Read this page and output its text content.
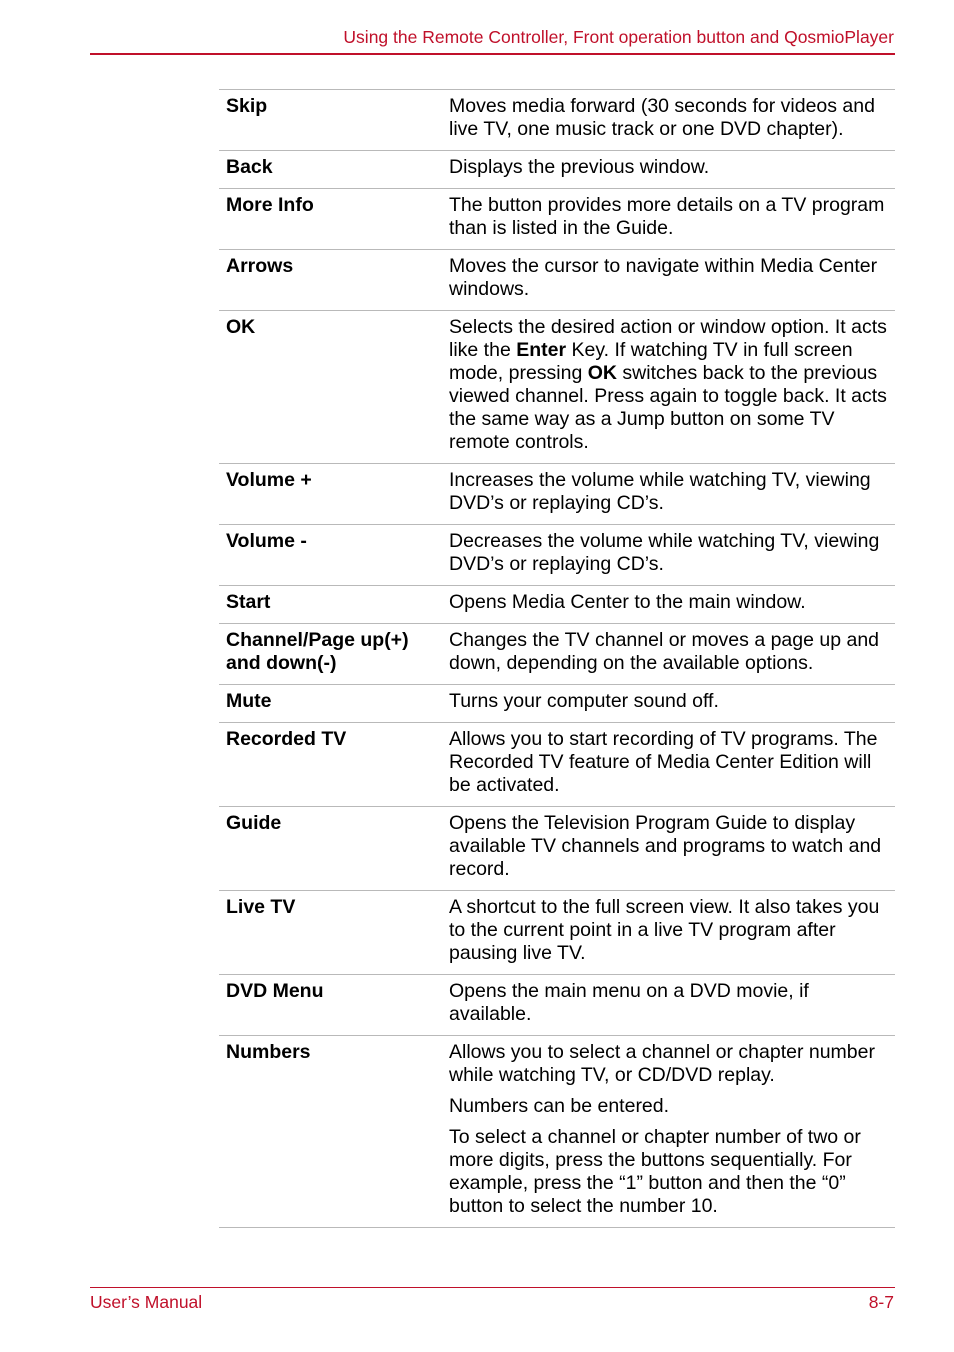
Using the Remote Controller, Front operation button and QosmioPlayer
Skip	Moves media forward (30 seconds for videos and live TV, one music track or one DVD chapter).

Back	Displays the previous window.

More Info	The button provides more details on a TV program than is listed in the Guide.

Arrows	Moves the cursor to navigate within Media Center windows.

OK	Selects the desired action or window option. It acts like the Enter Key. If watching TV in full screen mode, pressing OK switches back to the previous viewed channel. Press again to toggle back. It acts the same way as a Jump button on some TV remote controls.

Volume +	Increases the volume while watching TV, viewing DVD’s or replaying CD’s.

Volume -	Decreases the volume while watching TV, viewing DVD’s or replaying CD’s.

Start	Opens Media Center to the main window.

Channel/Page up(+) and down(-)	Changes the TV channel or moves a page up and down, depending on the available options.

Mute	Turns your computer sound off.

Recorded TV	Allows you to start recording of TV programs. The Recorded TV feature of Media Center Edition will be activated.

Guide	Opens the Television Program Guide to display available TV channels and programs to watch and record.

Live TV	A shortcut to the full screen view. It also takes you to the current point in a live TV program after pausing live TV.

DVD Menu	Opens the main menu on a DVD movie, if available.

Numbers	Allows you to select a channel or chapter number while watching TV, or CD/DVD replay.

Numbers can be entered.

To select a channel or chapter number of two or more digits, press the buttons sequentially. For example, press the “1” button and then the “0” button to select the number 10.

User’s Manual	8-7
